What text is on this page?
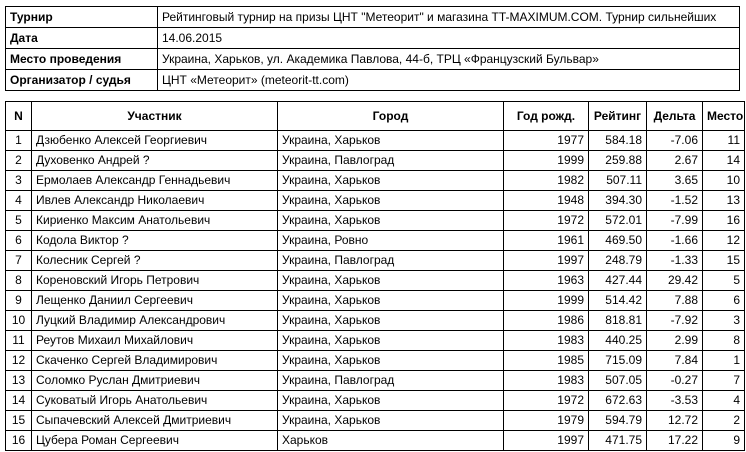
Турнир	Рейтинговый турнир на призы ЦНТ "Метеорит" и магазина TT-MAXIMUM.COM. Турнир сильнейших
Дата	14.06.2015
Место проведения	Украина, Харьков, ул. Академика Павлова, 44-б, ТРЦ «Французский Бульвар»
Организатор / судья	ЦНТ «Метеорит» (meteorit-tt.com)
N	Участник	Город	Год рожд.	Рейтинг	Дельта	Место
1	Дзюбенко Алексей Георгиевич	Украина, Харьков	1977	584.18	-7.06	11
2	Духовенко Андрей ?	Украина, Павлоград	1999	259.88	2.67	14
3	Ермолаев Александр Геннадьевич	Украина, Харьков	1982	507.11	3.65	10
4	Ивлев Александр Николаевич	Украина, Харьков	1948	394.30	-1.52	13
5	Кириенко Максим Анатольевич	Украина, Харьков	1972	572.01	-7.99	16
6	Кодола Виктор ?	Украина, Ровно	1961	469.50	-1.66	12
7	Колесник Сергей ?	Украина, Павлоград	1997	248.79	-1.33	15
8	Кореновский Игорь Петрович	Украина, Харьков	1963	427.44	29.42	5
9	Лещенко Даниил Сергеевич	Украина, Харьков	1999	514.42	7.88	6
10	Луцкий Владимир Александрович	Украина, Харьков	1986	818.81	-7.92	3
11	Реутов Михаил Михайлович	Украина, Харьков	1983	440.25	2.99	8
12	Скаченко Сергей Владимирович	Украина, Харьков	1985	715.09	7.84	1
13	Соломко Руслан Дмитриевич	Украина, Павлоград	1983	507.05	-0.27	7
14	Суковатый Игорь Анатольевич	Украина, Харьков	1972	672.63	-3.53	4
15	Сыпачевский Алексей Дмитриевич	Украина, Харьков	1979	594.79	12.72	2
16	Цубера Роман Сергеевич	Харьков	1997	471.75	17.22	9
